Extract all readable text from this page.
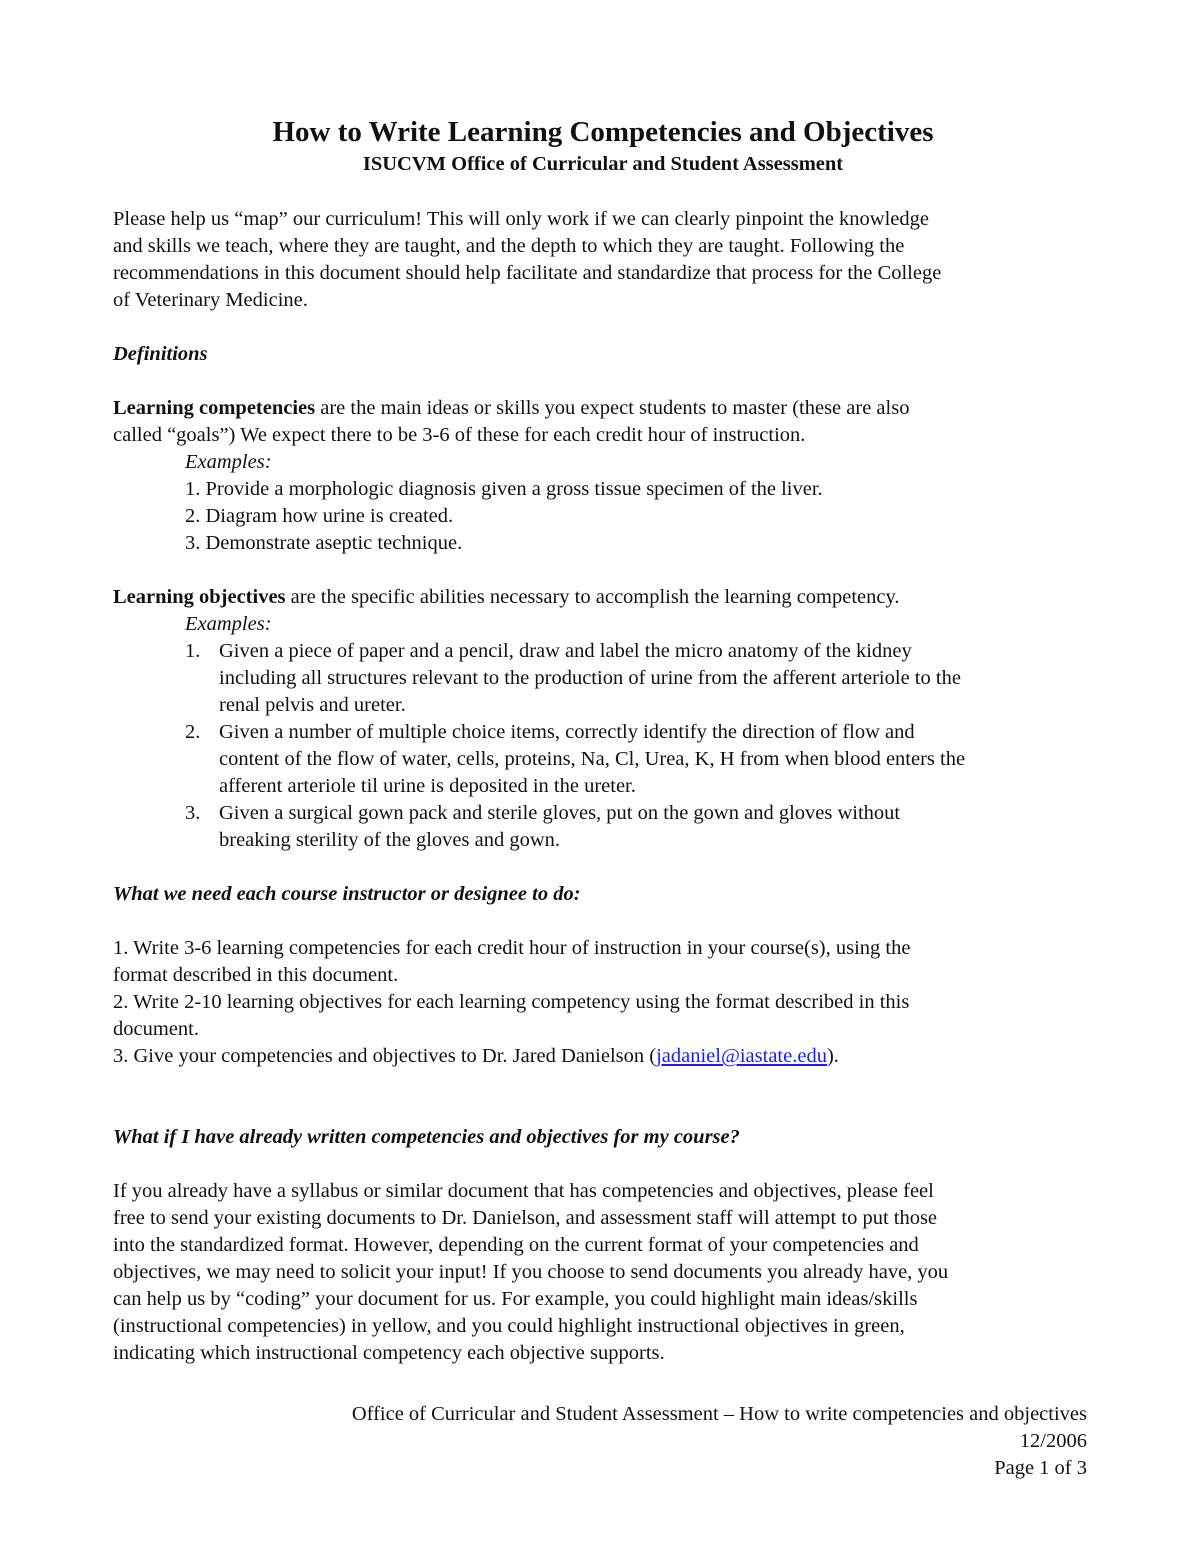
How to Write Learning Competencies and Objectives
ISUCVM Office of Curricular and Student Assessment

Please help us “map” our curriculum! This will only work if we can clearly pinpoint the knowledge

and skills we teach, where they are taught, and the depth to which they are taught. Following the

recommendations in this document should help facilitate and standardize that process for the College

of Veterinary Medicine.

Definitions

Learning competencies are the main ideas or skills you expect students to master (these are also

called “goals”) We expect there to be 3-6 of these for each credit hour of instruction.

Examples:

1. Provide a morphologic diagnosis given a gross tissue specimen of the liver.

2. Diagram how urine is created.

3. Demonstrate aseptic technique.

Learning objectives are the specific abilities necessary to accomplish the learning competency.

Examples:
1. Given a piece of paper and a pencil, draw and label the micro anatomy of the kidney
including all structures relevant to the production of urine from the afferent arteriole to the
renal pelvis and ureter.
2. Given a number of multiple choice items, correctly identify the direction of flow and
content of the flow of water, cells, proteins, Na, Cl, Urea, K, H from when blood enters the
afferent arteriole til urine is deposited in the ureter.
3. Given a surgical gown pack and sterile gloves, put on the gown and gloves without
breaking sterility of the gloves and gown.

What we need each course instructor or designee to do:

1. Write 3-6 learning competencies for each credit hour of instruction in your course(s), using the

format described in this document.

2. Write 2-10 learning objectives for each learning competency using the format described in this

document.

3. Give your competencies and objectives to Dr. Jared Danielson (jadaniel@iastate.edu).

What if I have already written competencies and objectives for my course?

If you already have a syllabus or similar document that has competencies and objectives, please feel

free to send your existing documents to Dr. Danielson, and assessment staff will attempt to put those

into the standardized format. However, depending on the current format of your competencies and

objectives, we may need to solicit your input! If you choose to send documents you already have, you

can help us by “coding” your document for us. For example, you could highlight main ideas/skills

(instructional competencies) in yellow, and you could highlight instructional objectives in green,

indicating which instructional competency each objective supports.

Office of Curricular and Student Assessment – How to write competencies and objectives
12/2006
Page 1 of 3
